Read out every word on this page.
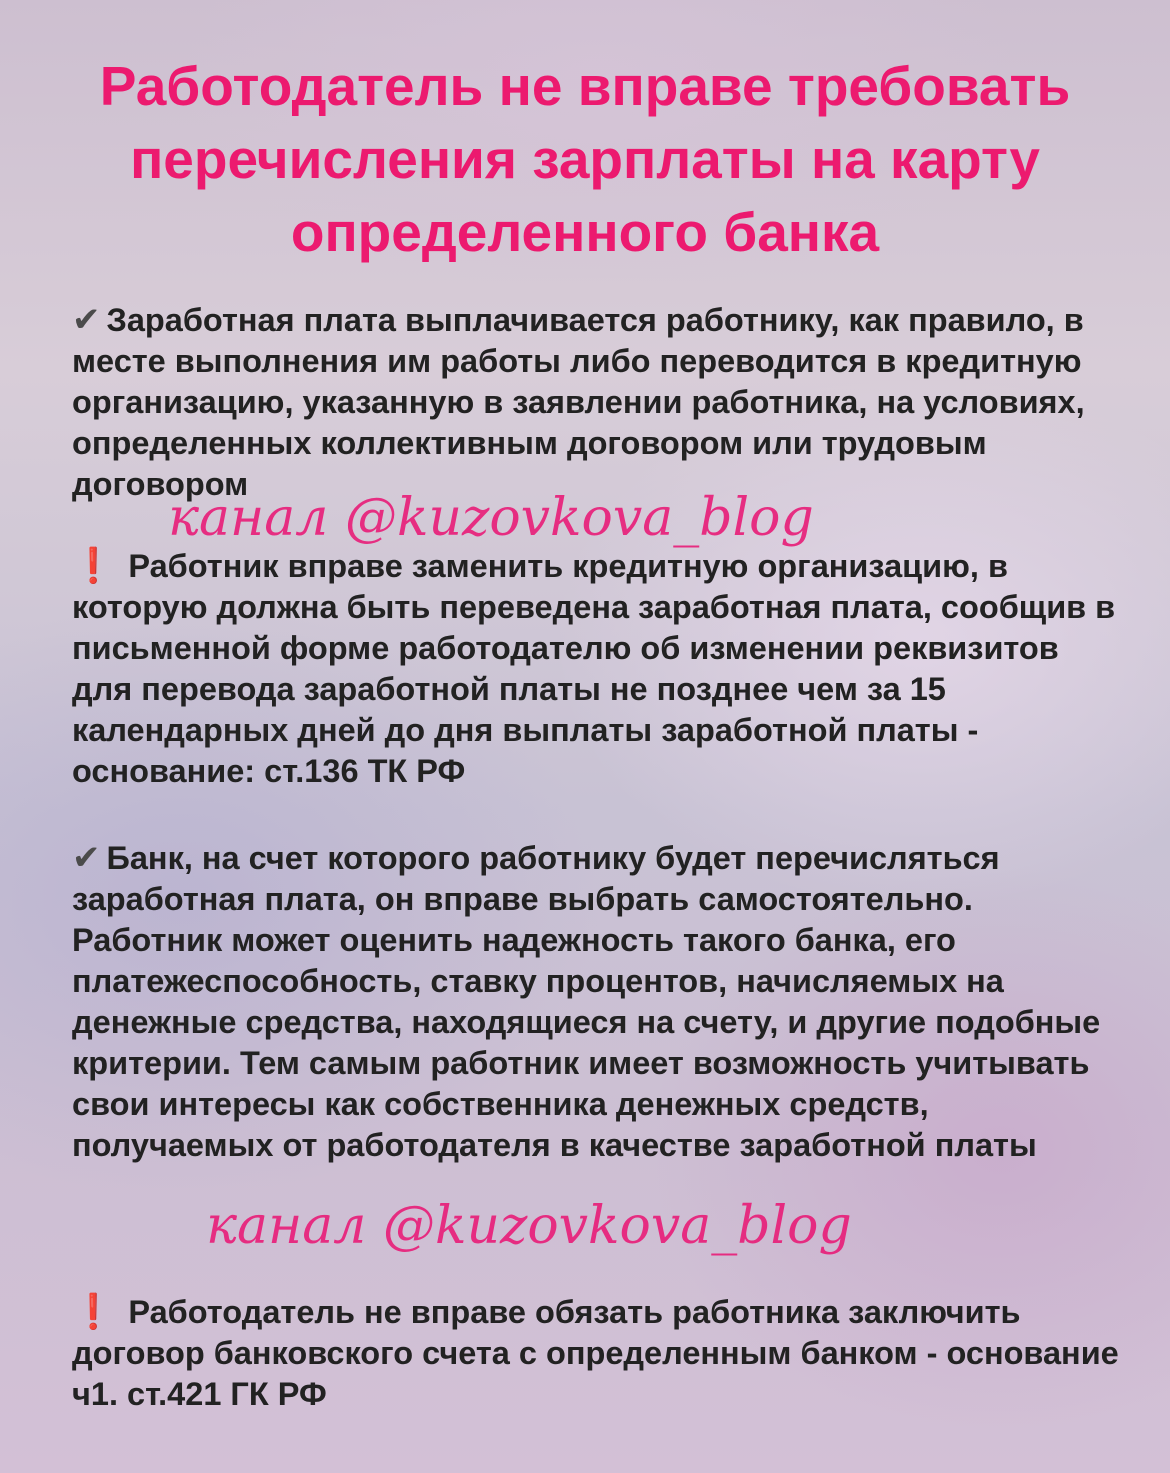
Работодатель не вправе требовать перечисления зарплаты на карту определенного банка

✔ Заработная плата выплачивается работнику, как правило, в месте выполнения им работы либо переводится в кредитную организацию, указанную в заявлении работника, на условиях, определенных коллективным договором или трудовым договором

❗ Работник вправе заменить кредитную организацию, в которую должна быть переведена заработная плата, сообщив в письменной форме работодателю об изменении реквизитов для перевода заработной платы не позднее чем за 15 календарных дней до дня выплаты заработной платы - основание: ст.136 ТК РФ

✔ Банк, на счет которого работнику будет перечисляться заработная плата, он вправе выбрать самостоятельно. Работник может оценить надежность такого банка, его платежеспособность, ставку процентов, начисляемых на денежные средства, находящиеся на счету, и другие подобные критерии. Тем самым работник имеет возможность учитывать свои интересы как собственника денежных средств, получаемых от работодателя в качестве заработной платы

❗ Работодатель не вправе обязать работника заключить договор банковского счета с определенным банком - основание ч1. ст.421 ГК РФ

канал @kuzovkova_blog
канал @kuzovkova_blog
